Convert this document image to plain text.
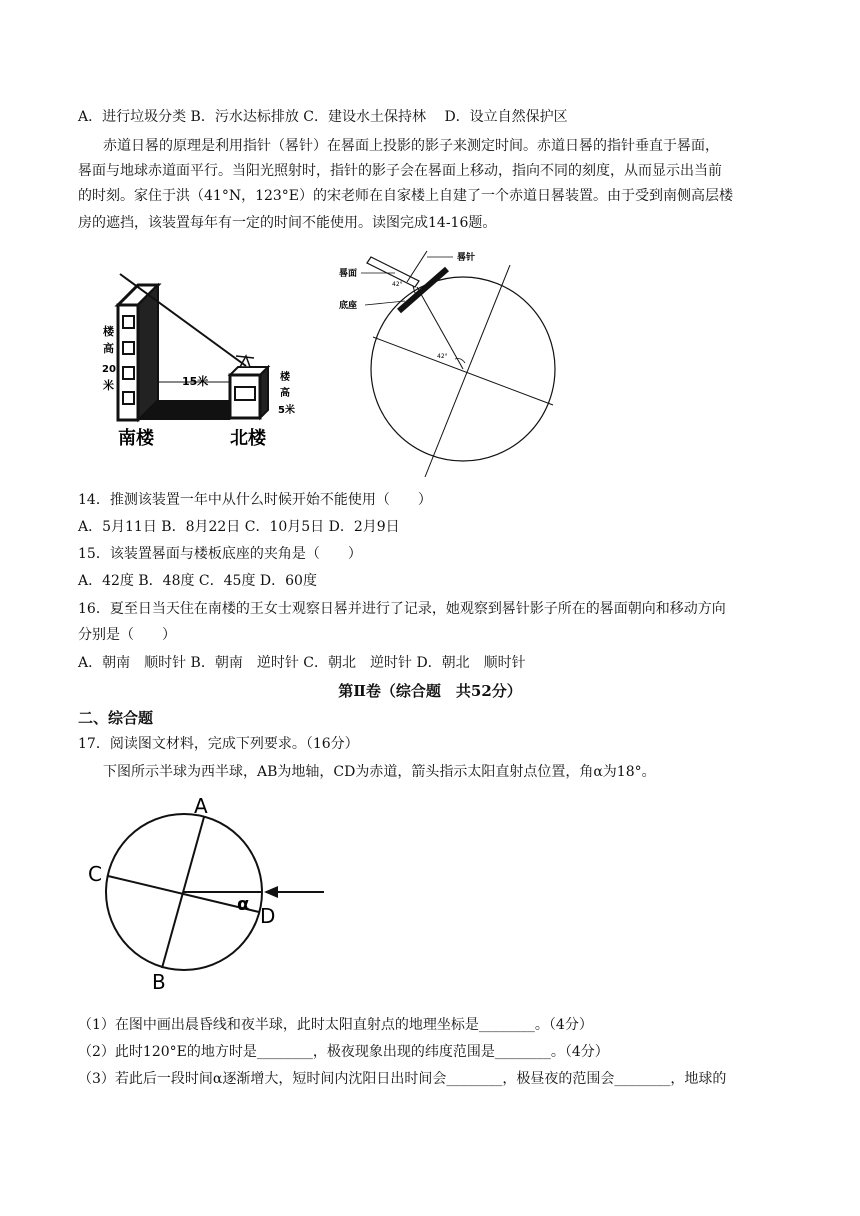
A．进行垃圾分类 B．污水达标排放 C．建设水土保持林　 D．设立自然保护区
赤道日晷的原理是利用指针（晷针）在晷面上投影的影子来测定时间。赤道日晷的指针垂直于晷面，
晷面与地球赤道面平行。当阳光照射时，指针的影子会在晷面上移动，指向不同的刻度，从而显示出当前
的时刻。家住于洪（41°N，123°E）的宋老师在自家楼上自建了一个赤道日晷装置。由于受到南侧高层楼
房的遮挡，该装置每年有一定的时间不能使用。读图完成14-16题。
15米
楼
高
20
米
楼
高
5米
南楼	北楼
晷针
晷面
底座
42°
42°
14．推测该装置一年中从什么时候开始不能使用（　　）
A．5月11日 B．8月22日 C．10月5日 D．2月9日
15．该装置晷面与楼板底座的夹角是（　　）
A．42度 B．48度 C．45度 D．60度
16．夏至日当天住在南楼的王女士观察日晷并进行了记录，她观察到晷针影子所在的晷面朝向和移动方向
分别是（　　）
A．朝南　顺时针 B．朝南　逆时针 C．朝北　逆时针 D．朝北　顺时针
第Ⅱ卷（综合题　共52分）
二、综合题
17．阅读图文材料，完成下列要求。（16分）
下图所示半球为西半球，AB为地轴，CD为赤道，箭头指示太阳直射点位置，角α为18°。
A
B
C
D
α
（1）在图中画出晨昏线和夜半球，此时太阳直射点的地理坐标是________。（4分）
（2）此时120°E的地方时是________，极夜现象出现的纬度范围是________。（4分）
（3）若此后一段时间α逐渐增大，短时间内沈阳日出时间会________，极昼夜的范围会________，地球的
